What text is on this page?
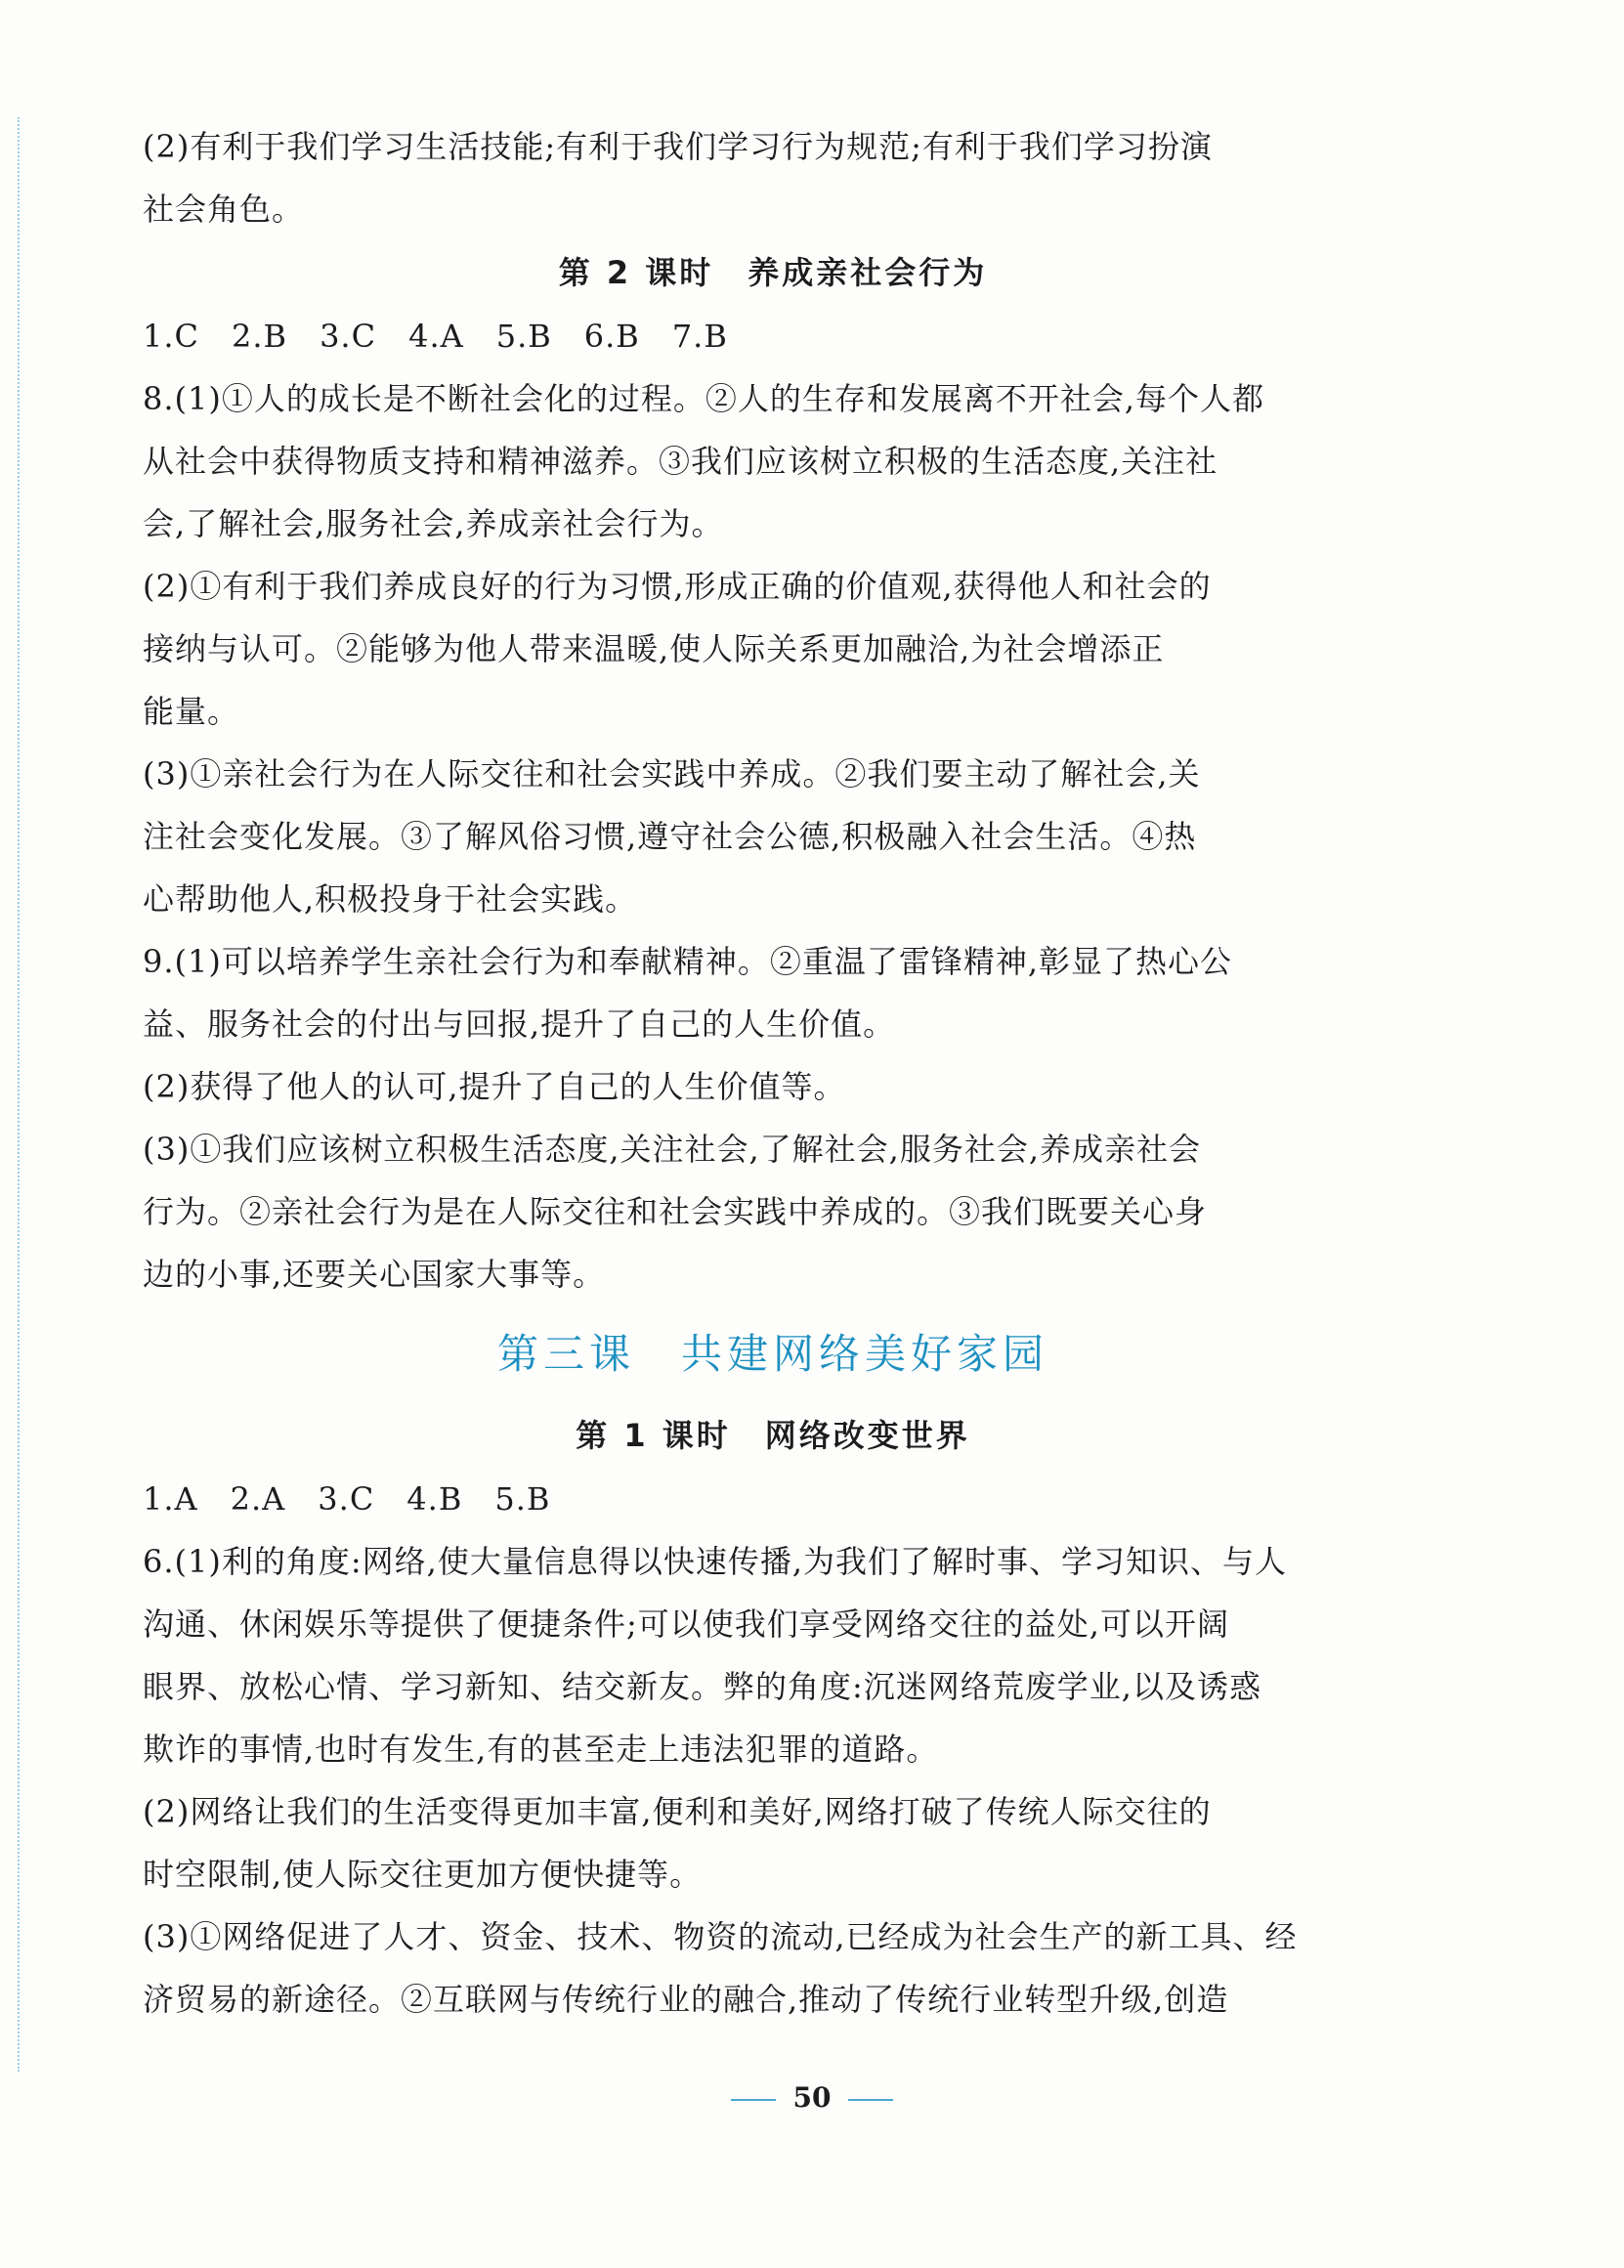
(2)有利于我们学习生活技能;有利于我们学习行为规范;有利于我们学习扮演
社会角色。
第 2 课时　养成亲社会行为
1.C　2.B　3.C　4.A　5.B　6.B　7.B
8.(1)①人的成长是不断社会化的过程。②人的生存和发展离不开社会,每个人都
从社会中获得物质支持和精神滋养。③我们应该树立积极的生活态度,关注社
会,了解社会,服务社会,养成亲社会行为。
(2)①有利于我们养成良好的行为习惯,形成正确的价值观,获得他人和社会的
接纳与认可。②能够为他人带来温暖,使人际关系更加融洽,为社会增添正
能量。
(3)①亲社会行为在人际交往和社会实践中养成。②我们要主动了解社会,关
注社会变化发展。③了解风俗习惯,遵守社会公德,积极融入社会生活。④热
心帮助他人,积极投身于社会实践。
9.(1)可以培养学生亲社会行为和奉献精神。②重温了雷锋精神,彰显了热心公
益、服务社会的付出与回报,提升了自己的人生价值。
(2)获得了他人的认可,提升了自己的人生价值等。
(3)①我们应该树立积极生活态度,关注社会,了解社会,服务社会,养成亲社会
行为。②亲社会行为是在人际交往和社会实践中养成的。③我们既要关心身
边的小事,还要关心国家大事等。
第三课　共建网络美好家园
第 1 课时　网络改变世界
1.A　2.A　3.C　4.B　5.B
6.(1)利的角度:网络,使大量信息得以快速传播,为我们了解时事、学习知识、与人
沟通、休闲娱乐等提供了便捷条件;可以使我们享受网络交往的益处,可以开阔
眼界、放松心情、学习新知、结交新友。弊的角度:沉迷网络荒废学业,以及诱惑
欺诈的事情,也时有发生,有的甚至走上违法犯罪的道路。
(2)网络让我们的生活变得更加丰富,便利和美好,网络打破了传统人际交往的
时空限制,使人际交往更加方便快捷等。
(3)①网络促进了人才、资金、技术、物资的流动,已经成为社会生产的新工具、经
济贸易的新途径。②互联网与传统行业的融合,推动了传统行业转型升级,创造
50
